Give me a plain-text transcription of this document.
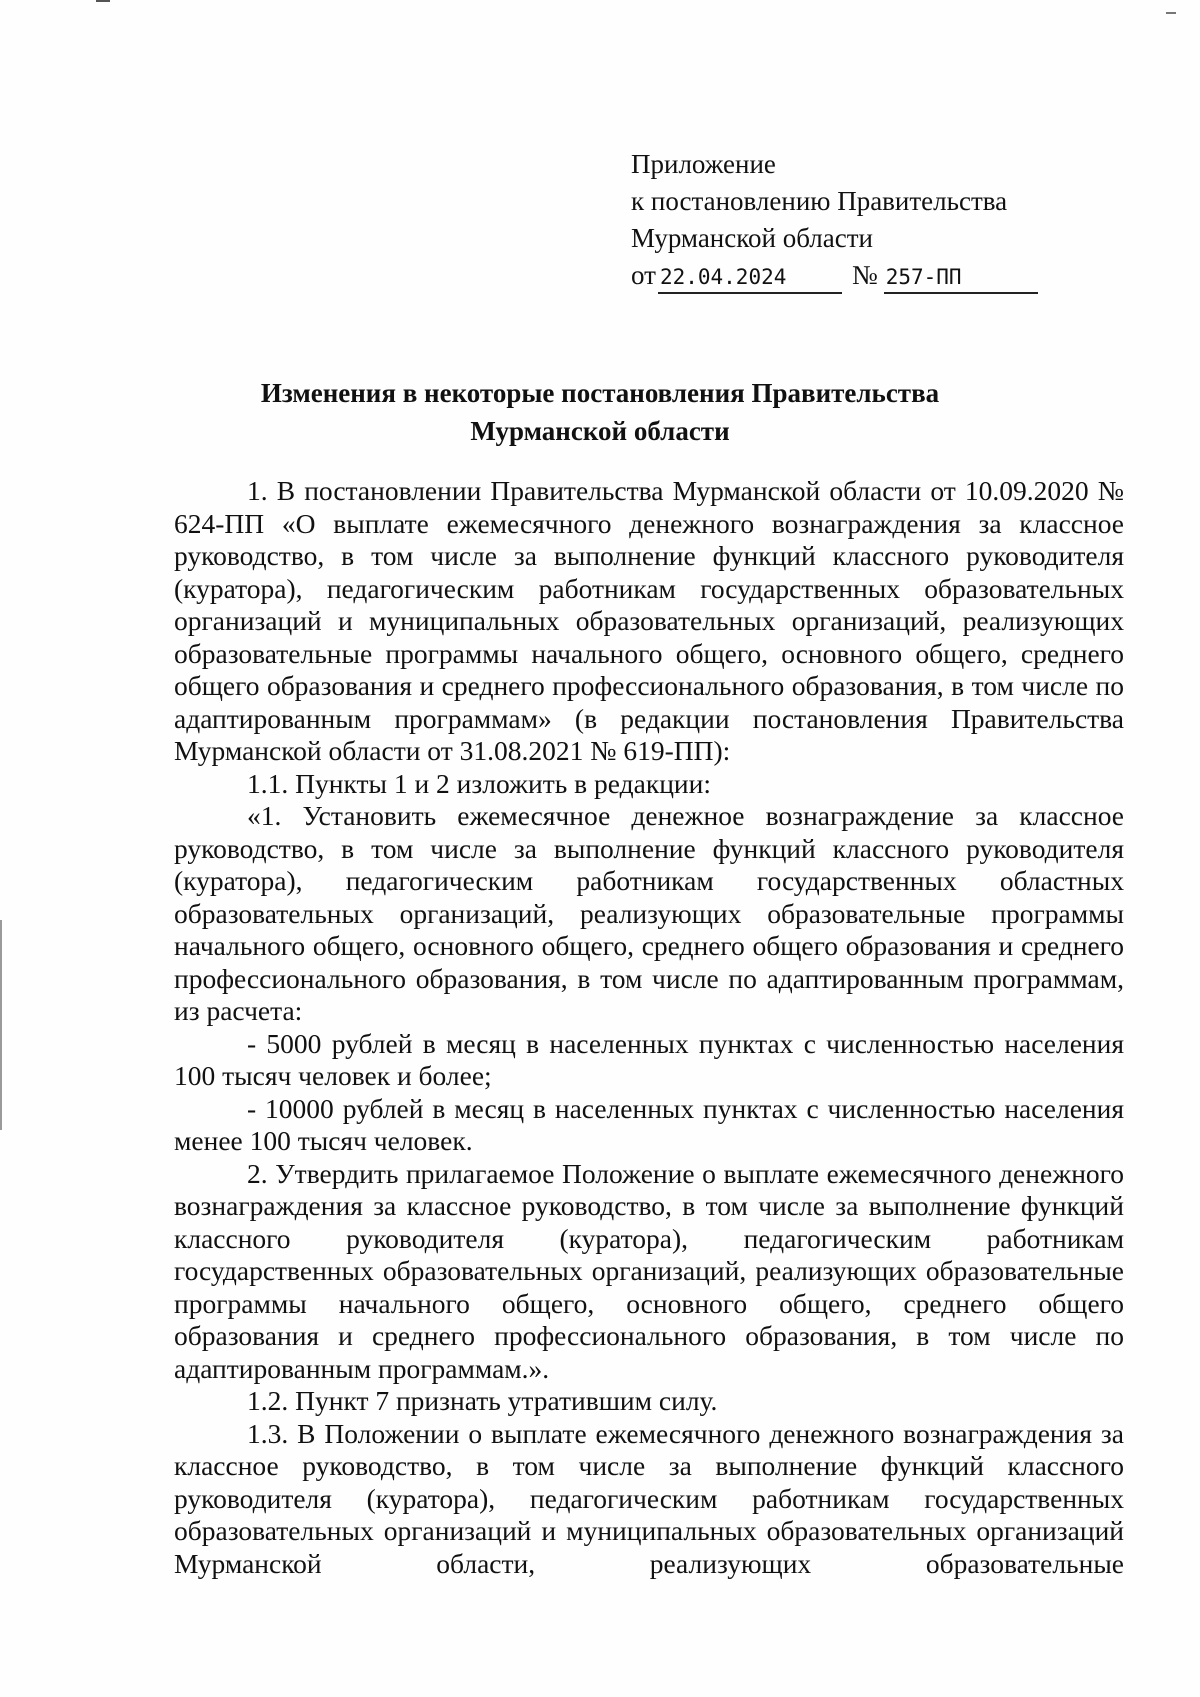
Приложение
к постановлению Правительства
Мурманской области
от 22.04.2024 № 257-ПП
Изменения в некоторые постановления Правительства
Мурманской области

1. В постановлении Правительства Мурманской области от 10.09.2020 № 624-ПП «О выплате ежемесячного денежного вознаграждения за классное руководство, в том числе за выполнение функций классного руководителя (куратора), педагогическим работникам государственных образовательных организаций и муниципальных образовательных организаций, реализующих образовательные программы начального общего, основного общего, среднего общего образования и среднего профессионального образования, в том числе по адаптированным программам» (в редакции постановления Правительства Мурманской области от 31.08.2021 № 619-ПП):

1.1. Пункты 1 и 2 изложить в редакции:

«1. Установить ежемесячное денежное вознаграждение за классное руководство, в том числе за выполнение функций классного руководителя (куратора), педагогическим работникам государственных областных образовательных организаций, реализующих образовательные программы начального общего, основного общего, среднего общего образования и среднего профессионального образования, в том числе по адаптированным программам, из расчета:

- 5000 рублей в месяц в населенных пунктах с численностью населения 100 тысяч человек и более;

- 10000 рублей в месяц в населенных пунктах с численностью населения менее 100 тысяч человек.

2. Утвердить прилагаемое Положение о выплате ежемесячного денежного вознаграждения за классное руководство, в том числе за выполнение функций классного руководителя (куратора), педагогическим работникам государственных образовательных организаций, реализующих образовательные программы начального общего, основного общего, среднего общего образования и среднего профессионального образования, в том числе по адаптированным программам.».

1.2. Пункт 7 признать утратившим силу.

1.3. В Положении о выплате ежемесячного денежного вознаграждения за классное руководство, в том числе за выполнение функций классного руководителя (куратора), педагогическим работникам государственных образовательных организаций и муниципальных образовательных организаций Мурманской области, реализующих образовательные
